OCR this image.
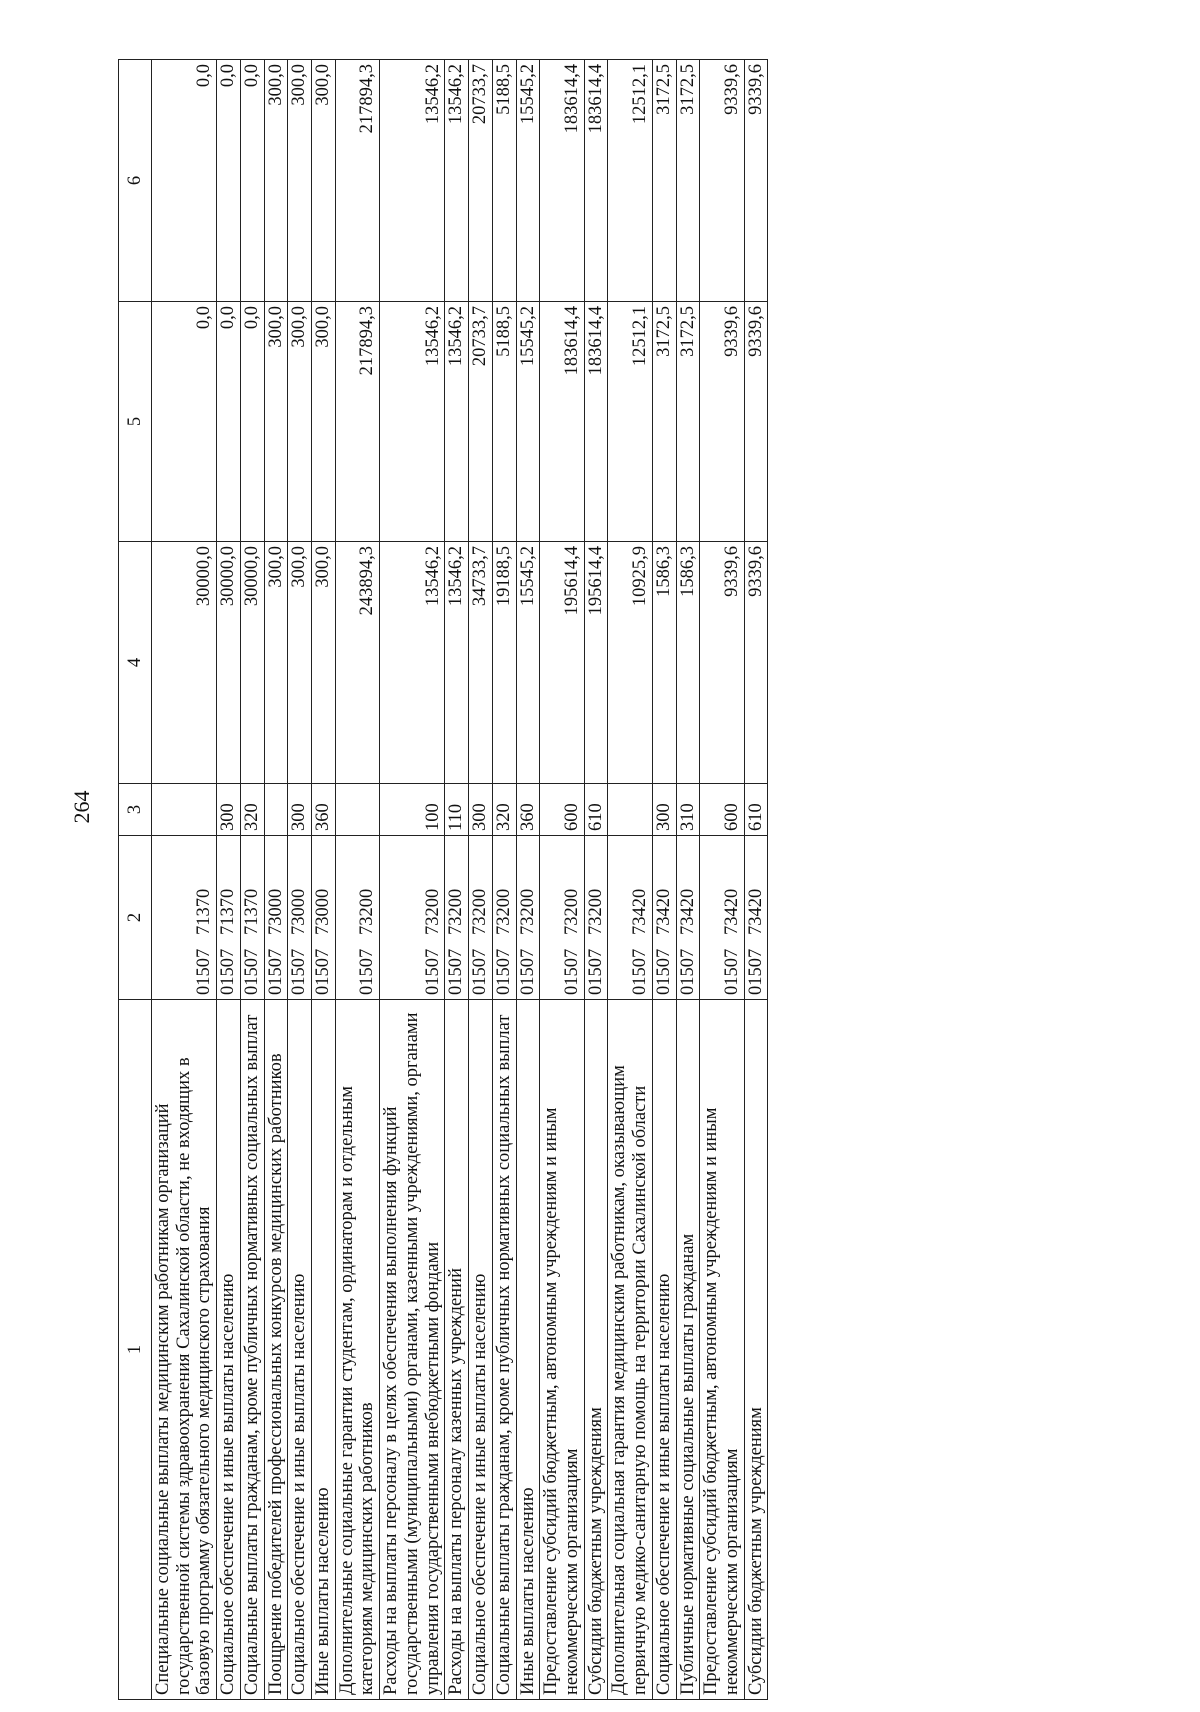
264
1	2	3	4	5	6
Специальные социальные выплаты медицинским работникам организаций государственной системы здравоохранения Сахалинской области, не входящих в базовую программу обязательного медицинского страхования	0150771370		30000,0	0,0	0,0
Социальное обеспечение и иные выплаты населению	0150771370	300	30000,0	0,0	0,0
Социальные выплаты гражданам, кроме публичных нормативных социальных выплат	0150771370	320	30000,0	0,0	0,0
Поощрение победителей профессиональных конкурсов медицинских работников	0150773000		300,0	300,0	300,0
Социальное обеспечение и иные выплаты населению	0150773000	300	300,0	300,0	300,0
Иные выплаты населению	0150773000	360	300,0	300,0	300,0
Дополнительные социальные гарантии студентам, ординаторам и отдельным категориям медицинских работников	0150773200		243894,3	217894,3	217894,3
Расходы на выплаты персоналу в целях обеспечения выполнения функций государственными (муниципальными) органами, казенными учреждениями, органами управления государственными внебюджетными фондами	0150773200	100	13546,2	13546,2	13546,2
Расходы на выплаты персоналу казенных учреждений	0150773200	110	13546,2	13546,2	13546,2
Социальное обеспечение и иные выплаты населению	0150773200	300	34733,7	20733,7	20733,7
Социальные выплаты гражданам, кроме публичных нормативных социальных выплат	0150773200	320	19188,5	5188,5	5188,5
Иные выплаты населению	0150773200	360	15545,2	15545,2	15545,2
Предоставление субсидий бюджетным, автономным учреждениям и иным некоммерческим организациям	0150773200	600	195614,4	183614,4	183614,4
Субсидии бюджетным учреждениям	0150773200	610	195614,4	183614,4	183614,4
Дополнительная социальная гарантия медицинским работникам, оказывающим первичную медико-санитарную помощь на территории Сахалинской области	0150773420		10925,9	12512,1	12512,1
Социальное обеспечение и иные выплаты населению	0150773420	300	1586,3	3172,5	3172,5
Публичные нормативные социальные выплаты гражданам	0150773420	310	1586,3	3172,5	3172,5
Предоставление субсидий бюджетным, автономным учреждениям и иным некоммерческим организациям	0150773420	600	9339,6	9339,6	9339,6
Субсидии бюджетным учреждениям	0150773420	610	9339,6	9339,6	9339,6
